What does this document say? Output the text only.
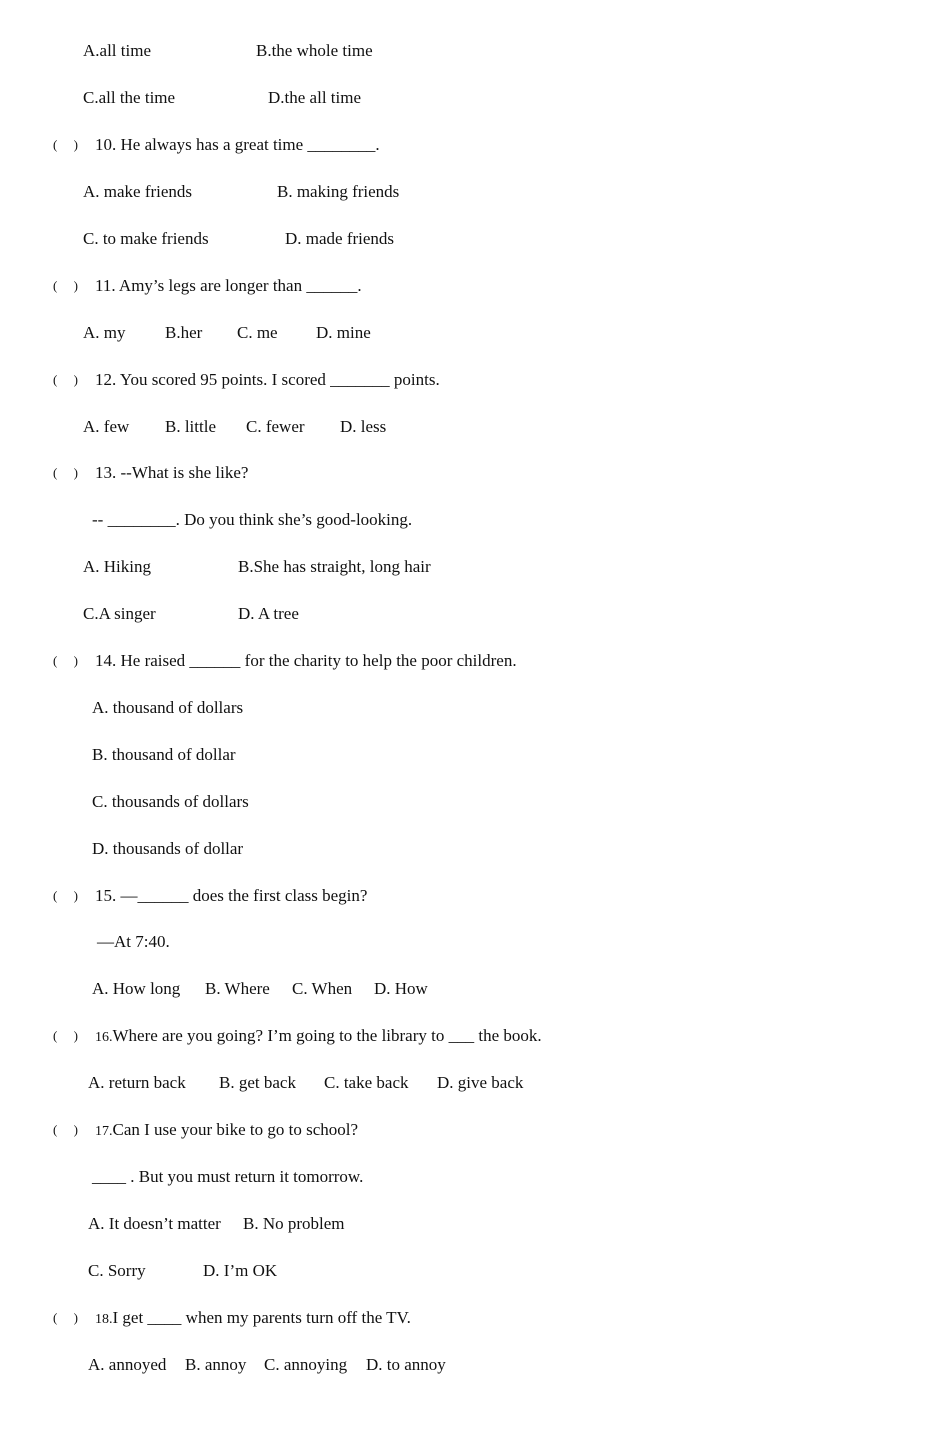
A.all time	B.the whole time
C.all the time	D.the all time
(　 ) 10. He always has a great time ________.
A. make friends	B. making friends
C. to make friends	D. made friends
(　 ) 11. Amy’s legs are longer than ______.
A. my B.her C. me D. mine
(　 ) 12. You scored 95 points. I scored _______ points.
A. few B. little C. fewer D. less
(　 ) 13. --What is she like?
-- ________. Do you think she’s good-looking.
A. Hiking	B.She has straight, long hair
C.A singer	D. A tree
(　 ) 14. He raised ______ for the charity to help the poor children.
A. thousand of dollars
B. thousand of dollar
C. thousands of dollars
D. thousands of dollar
(　 ) 15. —______ does the first class begin?
—At 7:40.
A. How long B. Where C. When D. How
(　 ) 16.Where are you going? I’m going to the library to ___ the book.
A. return back B. get back C. take back D. give back
(　 ) 17.Can I use your bike to go to school?
____ . But you must return it tomorrow.
A. It doesn’t matter B. No problem
C. Sorry	D. I’m OK
(　 ) 18.I get ____ when my parents turn off the TV.
A. annoyed B. annoy C. annoying D. to annoy
